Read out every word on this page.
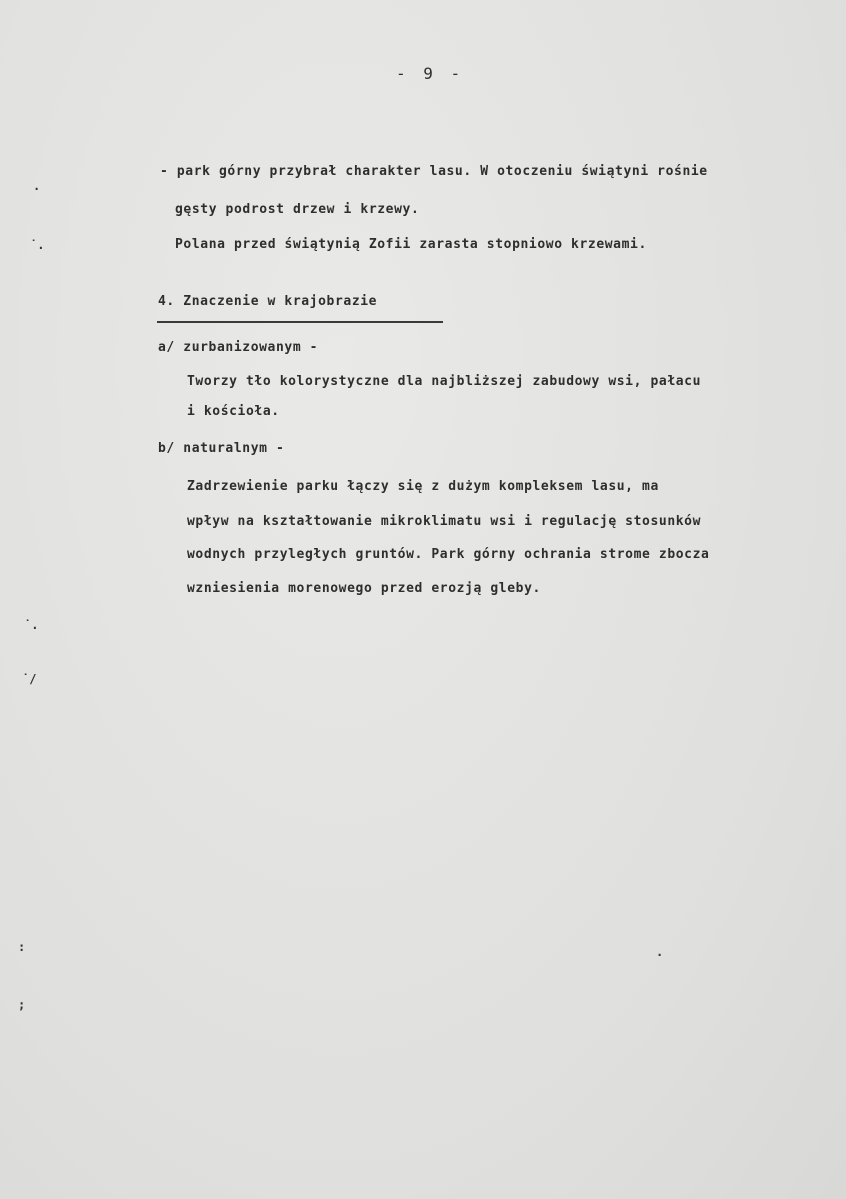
- 9 -
- park górny przybrał charakter lasu. W otoczeniu świątyni rośnie
gęsty podrost drzew i krzewy.
Polana przed świątynią Zofii zarasta stopniowo krzewami.
4. Znaczenie w krajobrazie
a/ zurbanizowanym -
Tworzy tło kolorystyczne dla najbliższej zabudowy wsi, pałacu
i kościoła.
b/ naturalnym -
Zadrzewienie parku łączy się z dużym kompleksem lasu, ma
wpływ na kształtowanie mikroklimatu wsi i regulację stosunków
wodnych przyległych gruntów. Park górny ochrania strome zbocza
wzniesienia morenowego przed erozją gleby.
·
˙.
˙.
˙/
:
;
·
